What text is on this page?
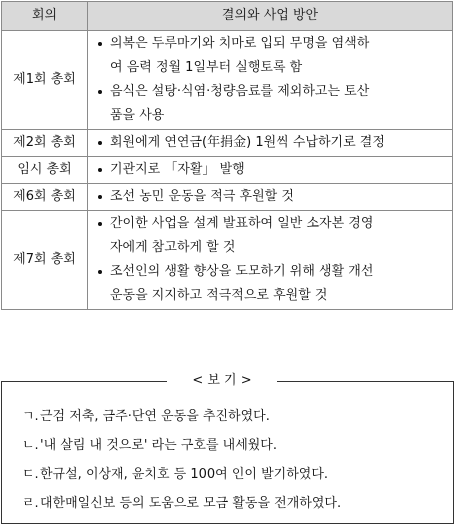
회의	결의와 사업 방안
제1회 총회	의복은 두루마기와 치마로 입되 무명을 염색하
여 음력 정월 1일부터 실행토록 함

음식은 설탕·식염·청량음료를 제외하고는 토산
품을 사용

제2회 총회	회원에게 연연금(年捐金) 1원씩 수납하기로 결정

임시 총회	기관지로 「자활」 발행

제6회 총회	조선 농민 운동을 적극 후원할 것

제7회 총회	간이한 사업을 설계 발표하여 일반 소자본 경영
자에게 참고하게 할 것

조선인의 생활 향상을 도모하기 위해 생활 개선
운동을 지지하고 적극적으로 후원할 것

< 보 기 >
ㄱ.근검 저축, 금주·단연 운동을 추진하였다.
ㄴ.'내 살림 내 것으로' 라는 구호를 내세웠다.
ㄷ.한규설, 이상재, 윤치호 등 100여 인이 발기하였다.
ㄹ.대한매일신보 등의 도움으로 모금 활동을 전개하였다.
